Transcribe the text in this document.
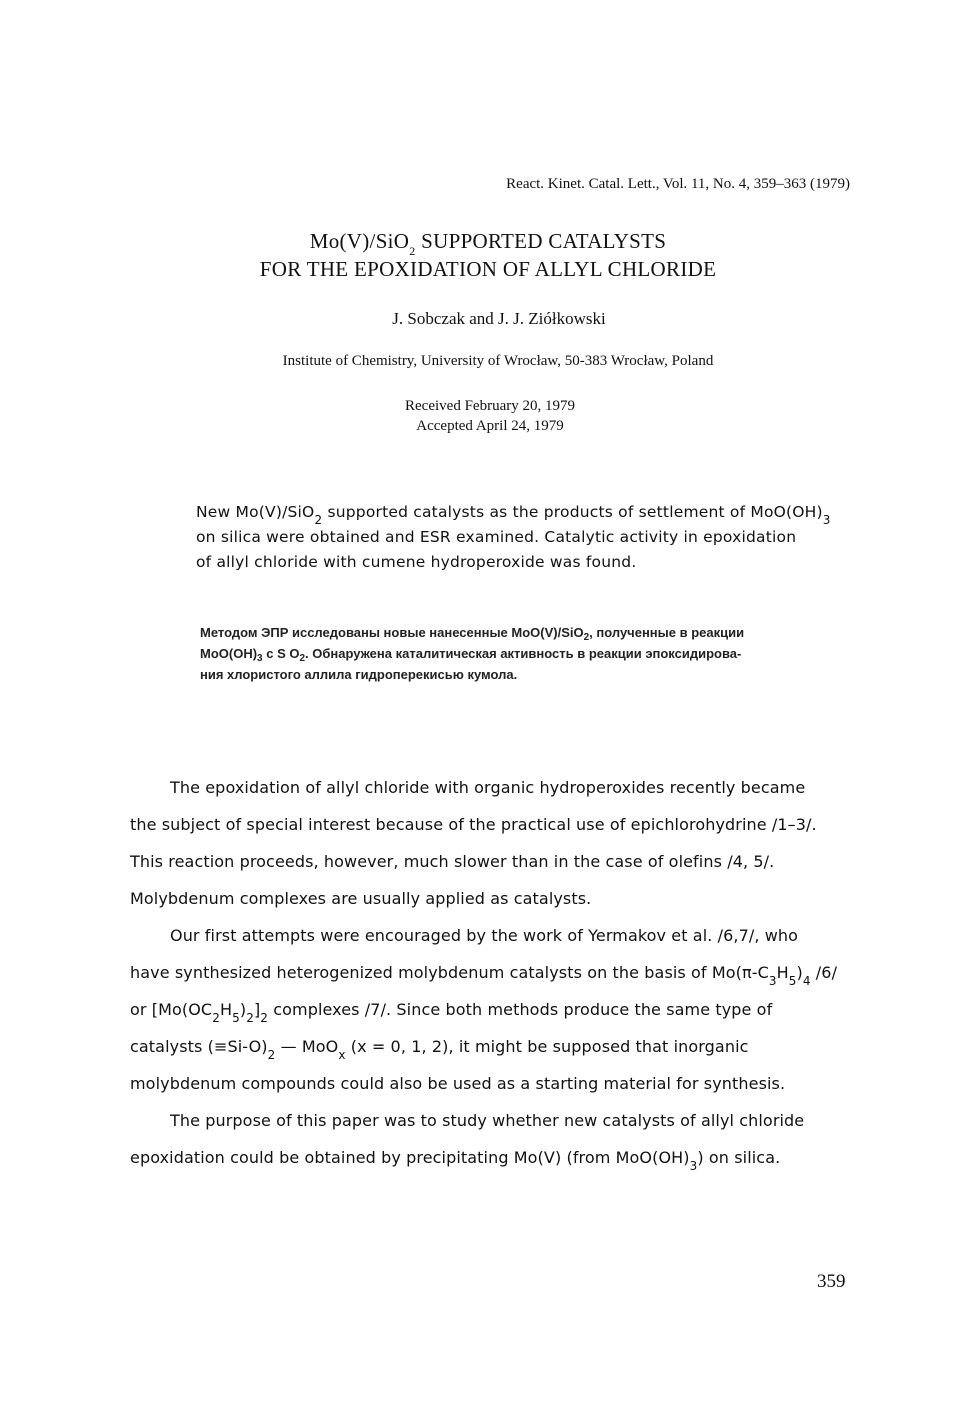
React. Kinet. Catal. Lett., Vol. 11, No. 4, 359–363 (1979)
Mo(V)/SiO$_2$ SUPPORTED CATALYSTS
FOR THE EPOXIDATION OF ALLYL CHLORIDE
J. Sobczak and J. J. Ziółkowski
Institute of Chemistry, University of Wrocław, 50-383 Wrocław, Poland
Received February 20, 1979
Accepted April 24, 1979
New Mo(V)/SiO$_2$ supported catalysts as the products of settlement of $MoO(OH)_3$
on silica were obtained and ESR examined. Catalytic activity in epoxidation
of allyl chloride with cumene hydroperoxide was found.
Методом ЭПР исследованы новые нанесенные MoO(V)/SiO$_2$, полученные в реакции
$MoO(OH)_3$ c S $O_2$. Обнаружена каталитическая активность в реакции эпоксидирова-
ния хлористого аллила гидроперекисью кумола.
The epoxidation of allyl chloride with organic hydroperoxides recently became
the subject of special interest because of the practical use of epichlorohydrine /1–3/.
This reaction proceeds, however, much slower than in the case of olefins /4, 5/.
Molybdenum complexes are usually applied as catalysts.
Our first attempts were encouraged by the work of Yermakov et al. /6,7/, who
have synthesized heterogenized molybdenum catalysts on the basis of $Mo(\pi-C_3H_5)_4$ /6/
or $[Mo(OC_2H_5)_2]_2$ complexes /7/. Since both methods produce the same type of
catalysts $(\equiv Si-O)_2$ — MoO$_x$ (x = 0, 1, 2), it might be supposed that inorganic
molybdenum compounds could also be used as a starting material for synthesis.
The purpose of this paper was to study whether new catalysts of allyl chloride
epoxidation could be obtained by precipitating Mo(V) (from $MoO(OH)_3$) on silica.
359
